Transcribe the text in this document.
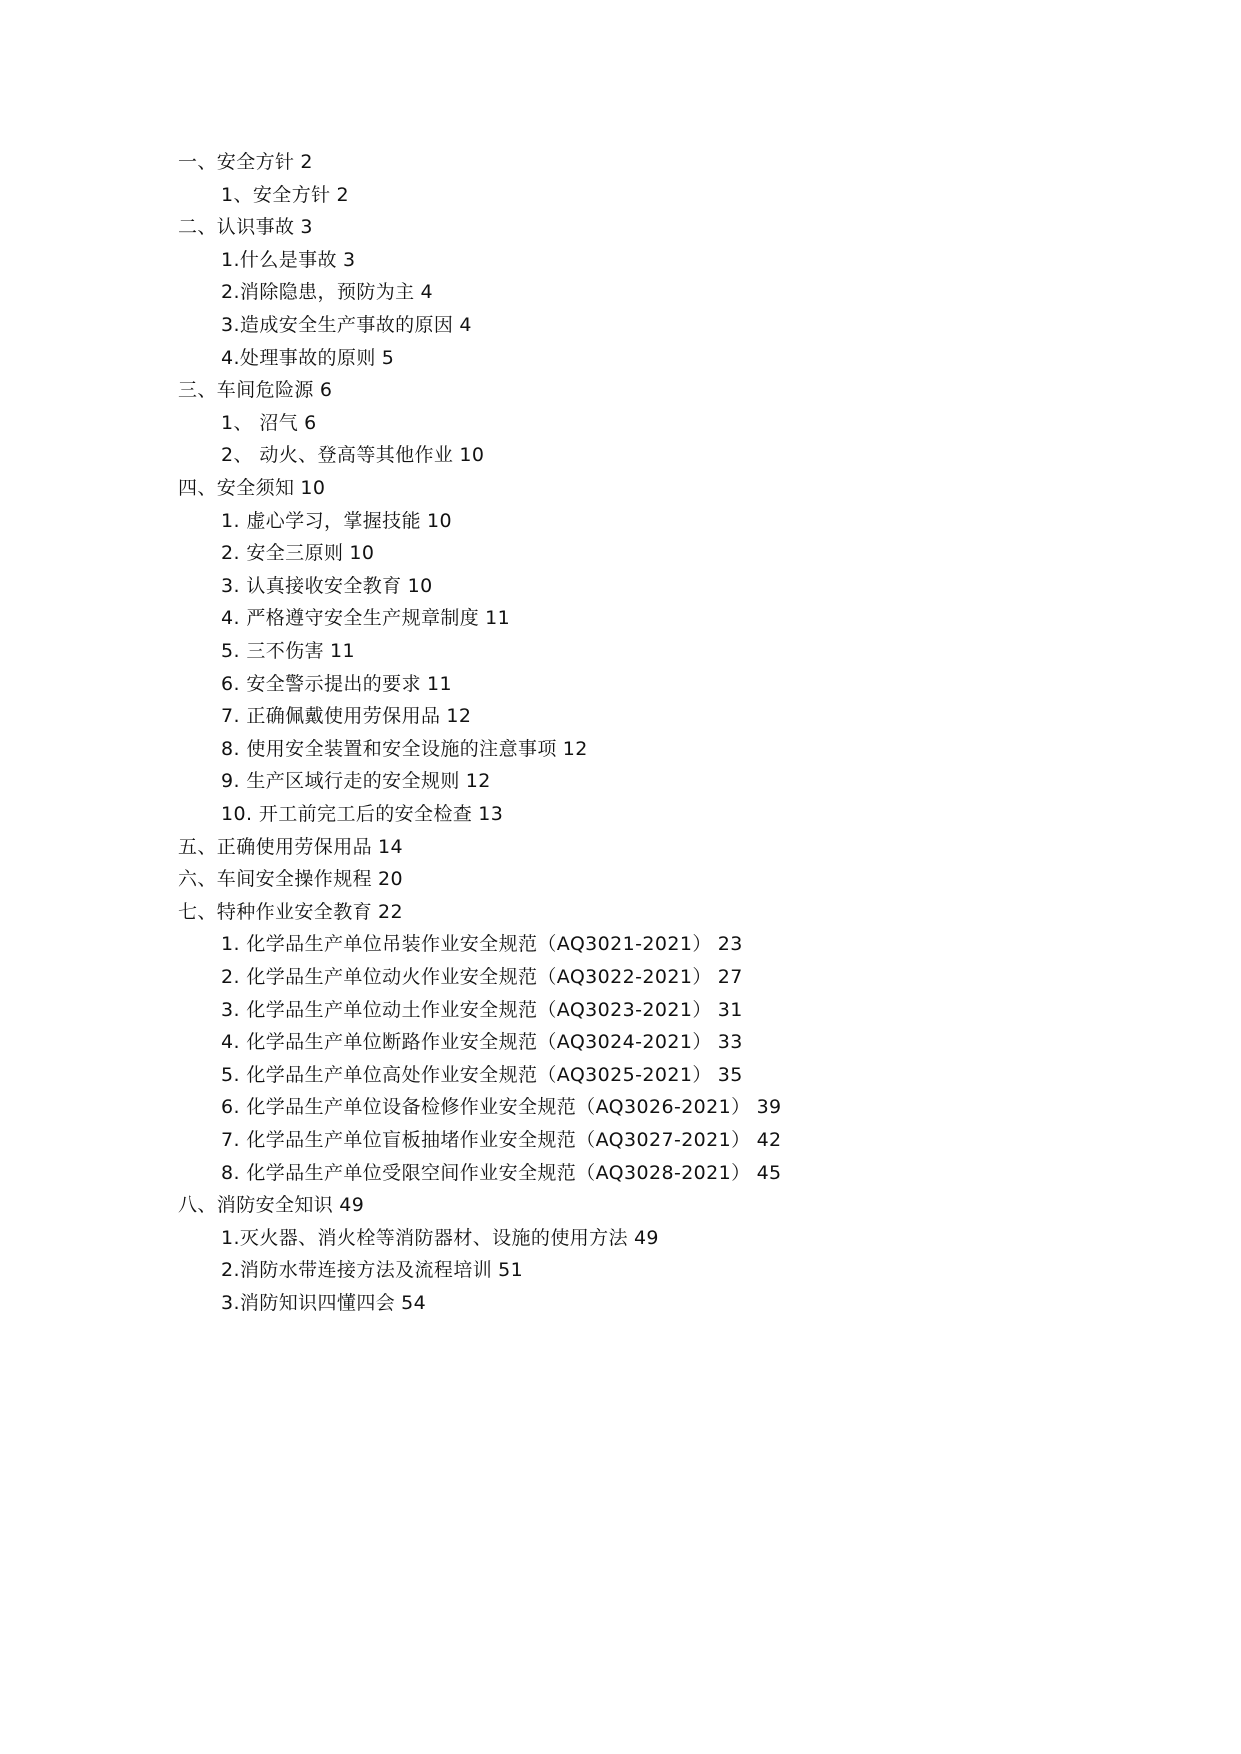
一、安全方针 2
1、安全方针 2
二、认识事故 3
1.什么是事故 3
2.消除隐患，预防为主 4
3.造成安全生产事故的原因 4
4.处理事故的原则 5
三、车间危险源 6
1、 沼气 6
2、 动火、登高等其他作业 10
四、安全须知 10
1. 虚心学习，掌握技能 10
2. 安全三原则 10
3. 认真接收安全教育 10
4. 严格遵守安全生产规章制度 11
5. 三不伤害 11
6. 安全警示提出的要求 11
7. 正确佩戴使用劳保用品 12
8. 使用安全装置和安全设施的注意事项 12
9. 生产区域行走的安全规则 12
10. 开工前完工后的安全检查 13
五、正确使用劳保用品 14
六、车间安全操作规程 20
七、特种作业安全教育 22
1. 化学品生产单位吊装作业安全规范（AQ3021-2021） 23
2. 化学品生产单位动火作业安全规范（AQ3022-2021） 27
3. 化学品生产单位动土作业安全规范（AQ3023-2021） 31
4. 化学品生产单位断路作业安全规范（AQ3024-2021） 33
5. 化学品生产单位高处作业安全规范（AQ3025-2021） 35
6. 化学品生产单位设备检修作业安全规范（AQ3026-2021） 39
7. 化学品生产单位盲板抽堵作业安全规范（AQ3027-2021） 42
8. 化学品生产单位受限空间作业安全规范（AQ3028-2021） 45
八、消防安全知识 49
1.灭火器、消火栓等消防器材、设施的使用方法 49
2.消防水带连接方法及流程培训 51
3.消防知识四懂四会 54
